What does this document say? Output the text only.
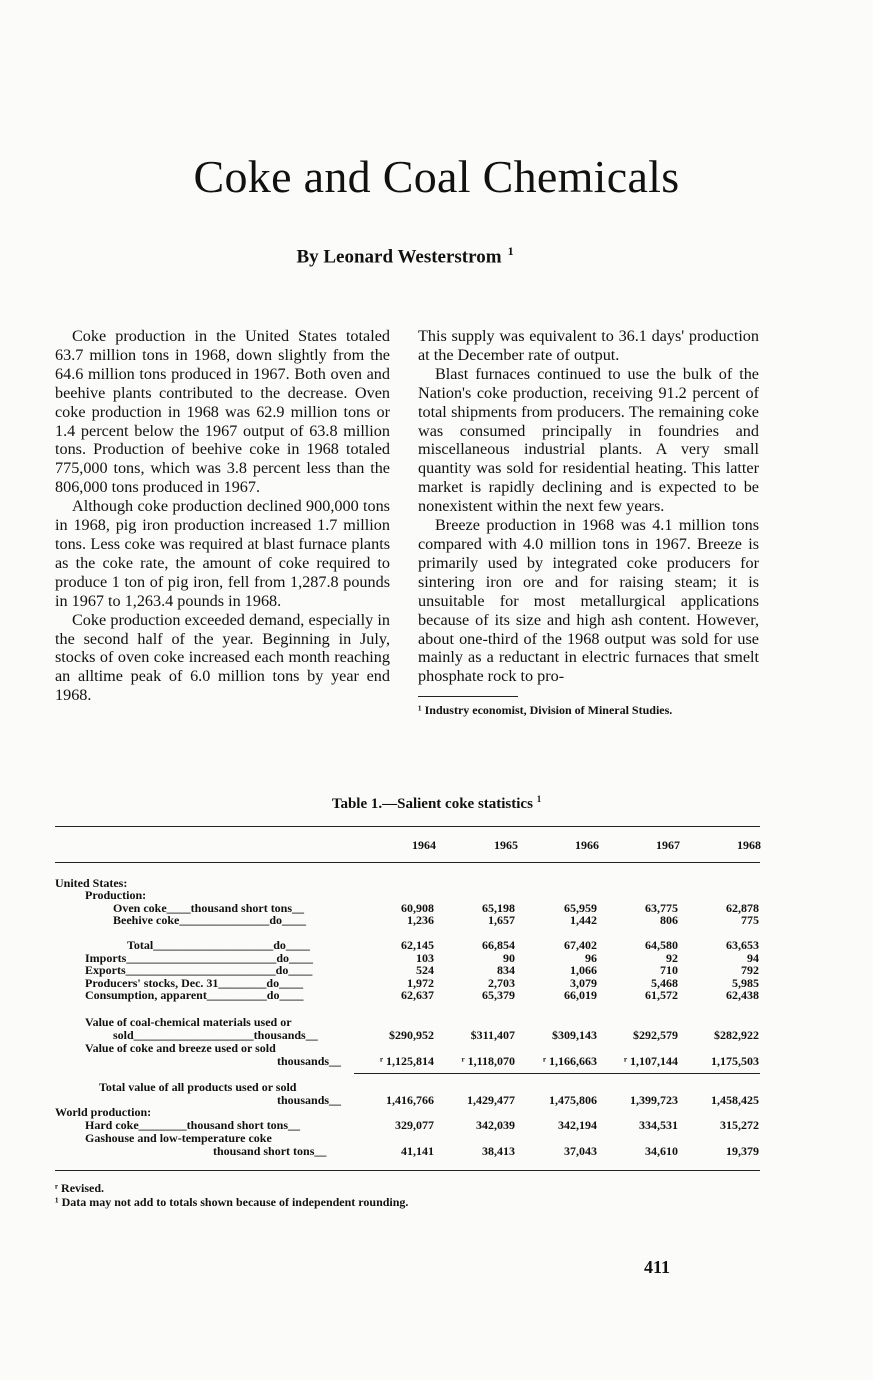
Coke and Coal Chemicals
By Leonard Westerstrom $^1$

Coke production in the United States totaled 63.7 million tons in 1968, down slightly from the 64.6 million tons produced in 1967. Both oven and beehive plants contributed to the decrease. Oven coke production in 1968 was 62.9 million tons or 1.4 percent below the 1967 output of 63.8 million tons. Production of beehive coke in 1968 totaled 775,000 tons, which was 3.8 percent less than the 806,000 tons produced in 1967.

Although coke production declined 900,000 tons in 1968, pig iron production increased 1.7 million tons. Less coke was required at blast furnace plants as the coke rate, the amount of coke required to produce 1 ton of pig iron, fell from 1,287.8 pounds in 1967 to 1,263.4 pounds in 1968.

Coke production exceeded demand, especially in the second half of the year. Beginning in July, stocks of oven coke increased each month reaching an alltime peak of 6.0 million tons by year end 1968.

This supply was equivalent to 36.1 days' production at the December rate of output.

Blast furnaces continued to use the bulk of the Nation's coke production, receiving 91.2 percent of total shipments from producers. The remaining coke was consumed principally in foundries and miscellaneous industrial plants. A very small quantity was sold for residential heating. This latter market is rapidly declining and is expected to be nonexistent within the next few years.

Breeze production in 1968 was 4.1 million tons compared with 4.0 million tons in 1967. Breeze is primarily used by integrated coke producers for sintering iron ore and for raising steam; it is unsuitable for most metallurgical applications because of its size and high ash content. However, about one-third of the 1968 output was sold for use mainly as a reductant in electric furnaces that smelt phosphate rock to pro-

¹ Industry economist, Division of Mineral Studies.
Table 1.—Salient coke statistics $^1$
1964	1965	1966	1967	1968
United States:
Production:
Oven coke____thousand short tons__	60,908	65,198	65,959	63,775	62,878
Beehive coke_______________do____	1,236	1,657	1,442	806	775
Total____________________do____	62,145	66,854	67,402	64,580	63,653
Imports_________________________do____	103	90	96	92	94
Exports_________________________do____	524	834	1,066	710	792
Producers' stocks, Dec. 31________do____	1,972	2,703	3,079	5,468	5,985
Consumption, apparent__________do____	62,637	65,379	66,019	61,572	62,438
Value of coal-chemical materials used or
sold____________________thousands__	$290,952	$311,407	$309,143	$292,579	$282,922
Value of coke and breeze used or sold
thousands__	ʳ 1,125,814	ʳ 1,118,070	ʳ 1,166,663	ʳ 1,107,144	1,175,503
Total value of all products used or sold
thousands__	1,416,766	1,429,477	1,475,806	1,399,723	1,458,425
World production:
Hard coke________thousand short tons__	329,077	342,039	342,194	334,531	315,272
Gashouse and low-temperature coke
thousand short tons__	41,141	38,413	37,043	34,610	19,379
ʳ Revised.
¹ Data may not add to totals shown because of independent rounding.
411
